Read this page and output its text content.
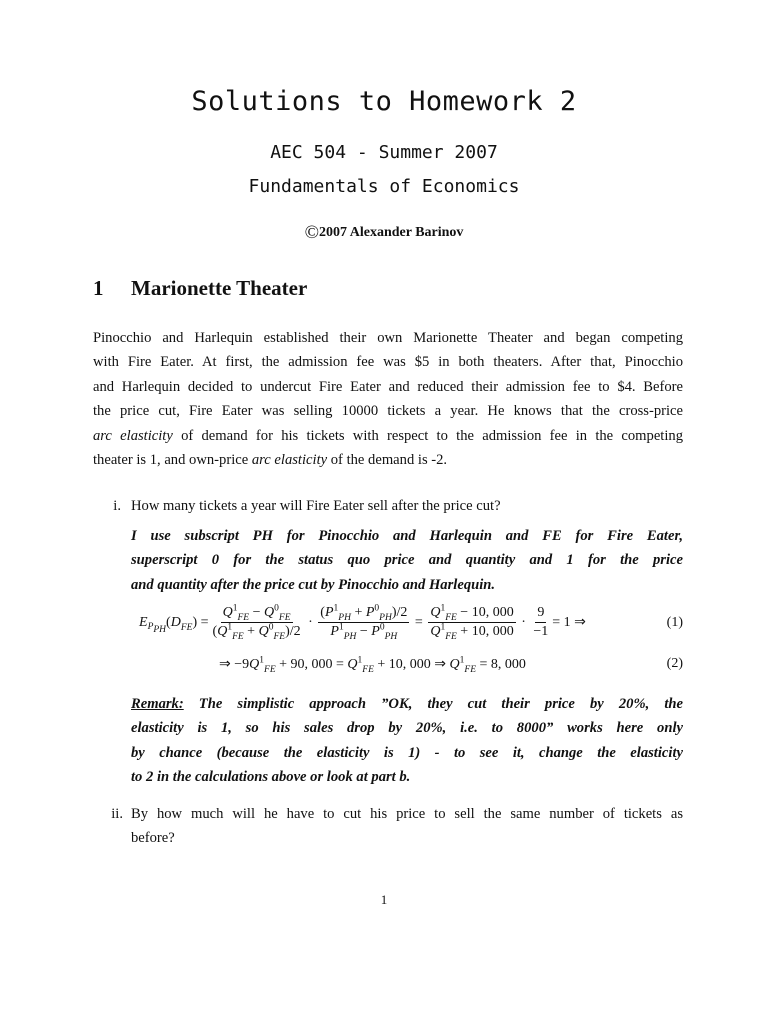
Solutions to Homework 2
AEC 504 - Summer 2007
Fundamentals of Economics
©2007 Alexander Barinov
1 Marionette Theater
Pinocchio and Harlequin established their own Marionette Theater and began competing
with Fire Eater. At first, the admission fee was $5 in both theaters. After that, Pinocchio
and Harlequin decided to undercut Fire Eater and reduced their admission fee to $4. Before
the price cut, Fire Eater was selling 10000 tickets a year. He knows that the cross-price
arc elasticity of demand for his tickets with respect to the admission fee in the competing
theater is 1, and own-price arc elasticity of the demand is -2.
i. How many tickets a year will Fire Eater sell after the price cut?
I use subscript PH for Pinocchio and Harlequin and FE for Fire Eater,
superscript 0 for the status quo price and quantity and 1 for the price
and quantity after the price cut by Pinocchio and Harlequin.
$E_{P_{PH}}(D_{FE}) = \frac{Q^1_{FE} - Q^0_{FE}}{(Q^1_{FE} + Q^0_{FE})/2} \cdot \frac{(P^1_{PH} + P^0_{PH})/2}{P^1_{PH} - P^0_{PH}} = \frac{Q^1_{FE} - 10, 000}{Q^1_{FE} + 10, 000} \cdot \frac{9}{-1} = 1$ ⇒	(1)
⇒ $-9Q^1_{FE} + 90$, $000 = Q^1_{FE} + 10$, 000 ⇒ $Q^1_{FE} = 8$, 000	(2)
Remark: The simplistic approach ”OK, they cut their price by 20%, the
elasticity is 1, so his sales drop by 20%, i.e. to 8000” works here only
by chance (because the elasticity is 1) - to see it, change the elasticity
to 2 in the calculations above or look at part b.
ii. By how much will he have to cut his price to sell the same number of tickets as
before?
1
